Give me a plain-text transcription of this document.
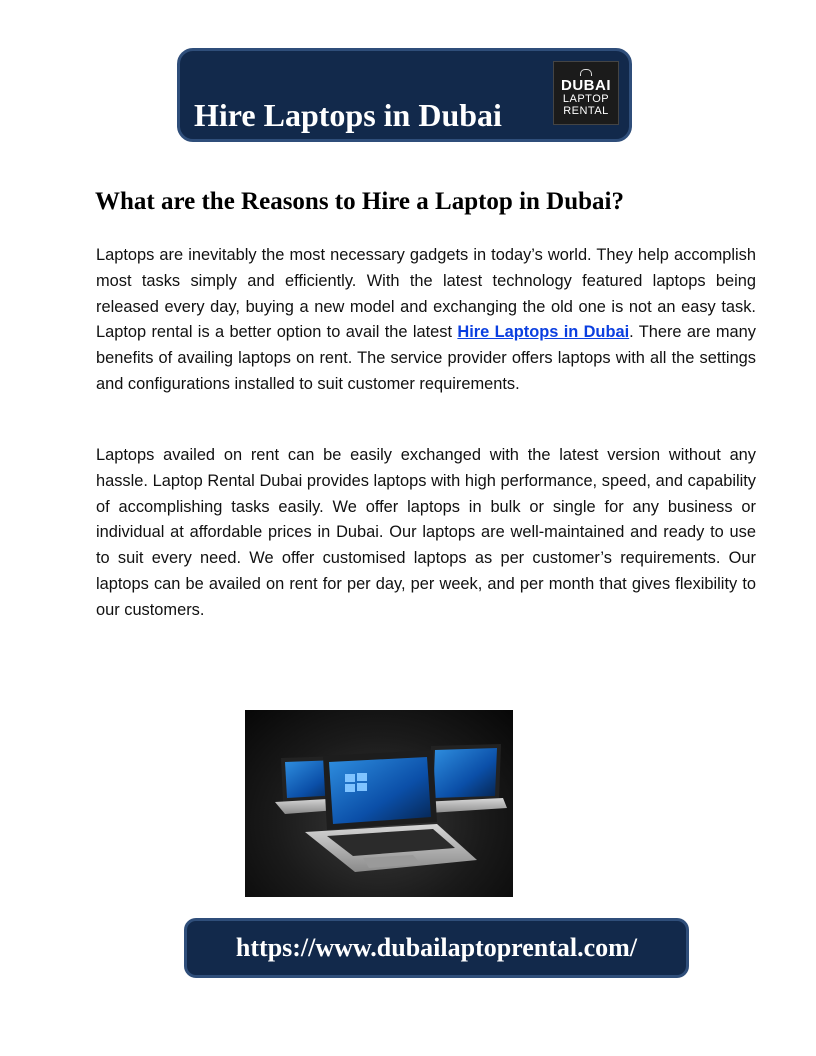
Hire Laptops in Dubai
DUBAI
LAPTOP
RENTAL
What are the Reasons to Hire a Laptop in Dubai?

Laptops are inevitably the most necessary gadgets in today’s world. They help accomplish most tasks simply and efficiently. With the latest technology featured laptops being released every day, buying a new model and exchanging the old one is not an easy task. Laptop rental is a better option to avail the latest Hire Laptops in Dubai. There are many benefits of availing laptops on rent. The service provider offers laptops with all the settings and configurations installed to suit customer requirements.

Laptops availed on rent can be easily exchanged with the latest version without any hassle. Laptop Rental Dubai provides laptops with high performance, speed, and capability of accomplishing tasks easily. We offer laptops in bulk or single for any business or individual at affordable prices in Dubai. Our laptops are well-maintained and ready to use to suit every need. We offer customised laptops as per customer’s requirements. Our laptops can be availed on rent for per day, per week, and per month that gives flexibility to our customers.

https://www.dubailaptoprental.com/
